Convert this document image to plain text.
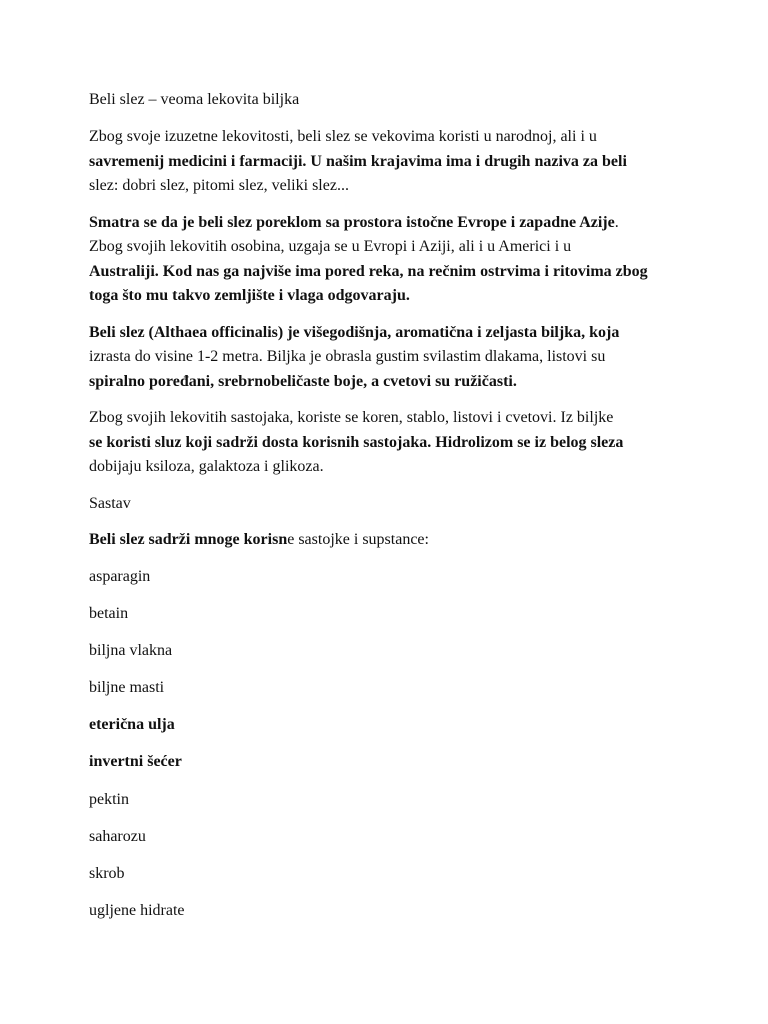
Beli slez – veoma lekovita biljka

Zbog svoje izuzetne lekovitosti, beli slez se vekovima koristi u narodnoj, ali i u
savremenij medicini i farmaciji. U našim krajavima ima i drugih naziva za beli
slez: dobri slez, pitomi slez, veliki slez...

Smatra se da je beli slez poreklom sa prostora istočne Evrope i zapadne Azije.
Zbog svojih lekovitih osobina, uzgaja se u Evropi i Aziji, ali i u Americi i u
Australiji. Kod nas ga najviše ima pored reka, na rečnim ostrvima i ritovima zbog
toga što mu takvo zemljište i vlaga odgovaraju.

Beli slez (Althaea officinalis) je višegodišnja, aromatična i zeljasta biljka, koja
izrasta do visine 1-2 metra. Biljka je obrasla gustim svilastim dlakama, listovi su
spiralno poređani, srebrnobeličaste boje, a cvetovi su ružičasti.

Zbog svojih lekovitih sastojaka, koriste se koren, stablo, listovi i cvetovi. Iz biljke
se koristi sluz koji sadrži dosta korisnih sastojaka. Hidrolizom se iz belog sleza
dobijaju ksiloza, galaktoza i glikoza.

Sastav

Beli slez sadrži mnoge korisne sastojke i supstance:

asparagin

betain

biljna vlakna

biljne masti

eterična ulja

invertni šećer

pektin

saharozu

skrob

ugljene hidrate
